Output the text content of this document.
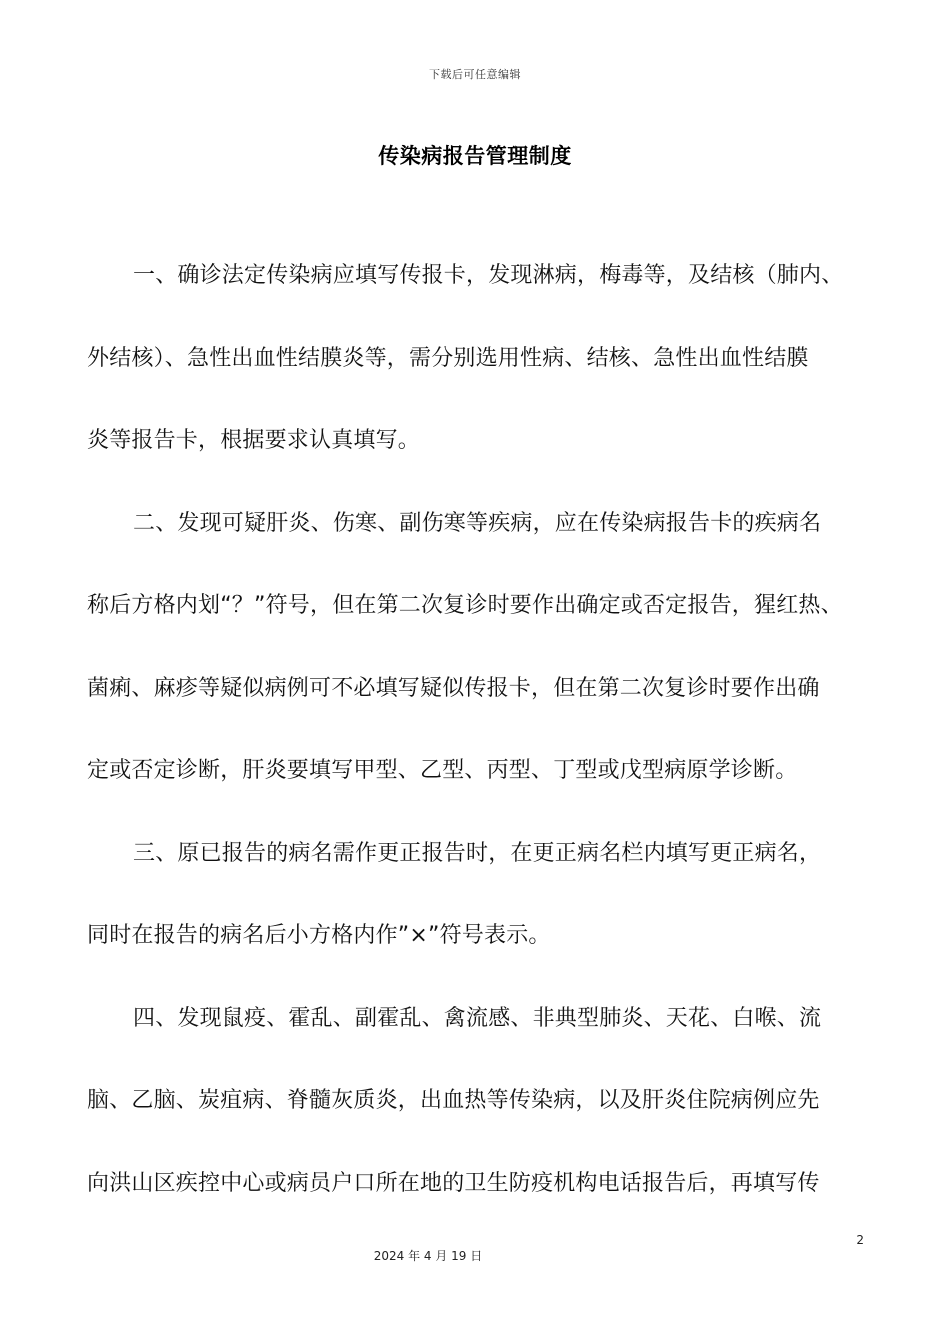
下载后可任意编辑
传染病报告管理制度
一、确诊法定传染病应填写传报卡，发现淋病，梅毒等，及结核（肺内、
外结核）、急性出血性结膜炎等，需分别选用性病、结核、急性出血性结膜
炎等报告卡，根据要求认真填写。
二、发现可疑肝炎、伤寒、副伤寒等疾病，应在传染病报告卡的疾病名
称后方格内划“？”符号，但在第二次复诊时要作出确定或否定报告，猩红热、
菌痢、麻疹等疑似病例可不必填写疑似传报卡，但在第二次复诊时要作出确
定或否定诊断，肝炎要填写甲型、乙型、丙型、丁型或戊型病原学诊断。
三、原已报告的病名需作更正报告时，在更正病名栏内填写更正病名，
同时在报告的病名后小方格内作”×”符号表示。
四、发现鼠疫、霍乱、副霍乱、禽流感、非典型肺炎、天花、白喉、流
脑、乙脑、炭疽病、脊髓灰质炎，出血热等传染病，以及肝炎住院病例应先
向洪山区疾控中心或病员户口所在地的卫生防疫机构电话报告后，再填写传
2
2024 年 4 月 19 日
